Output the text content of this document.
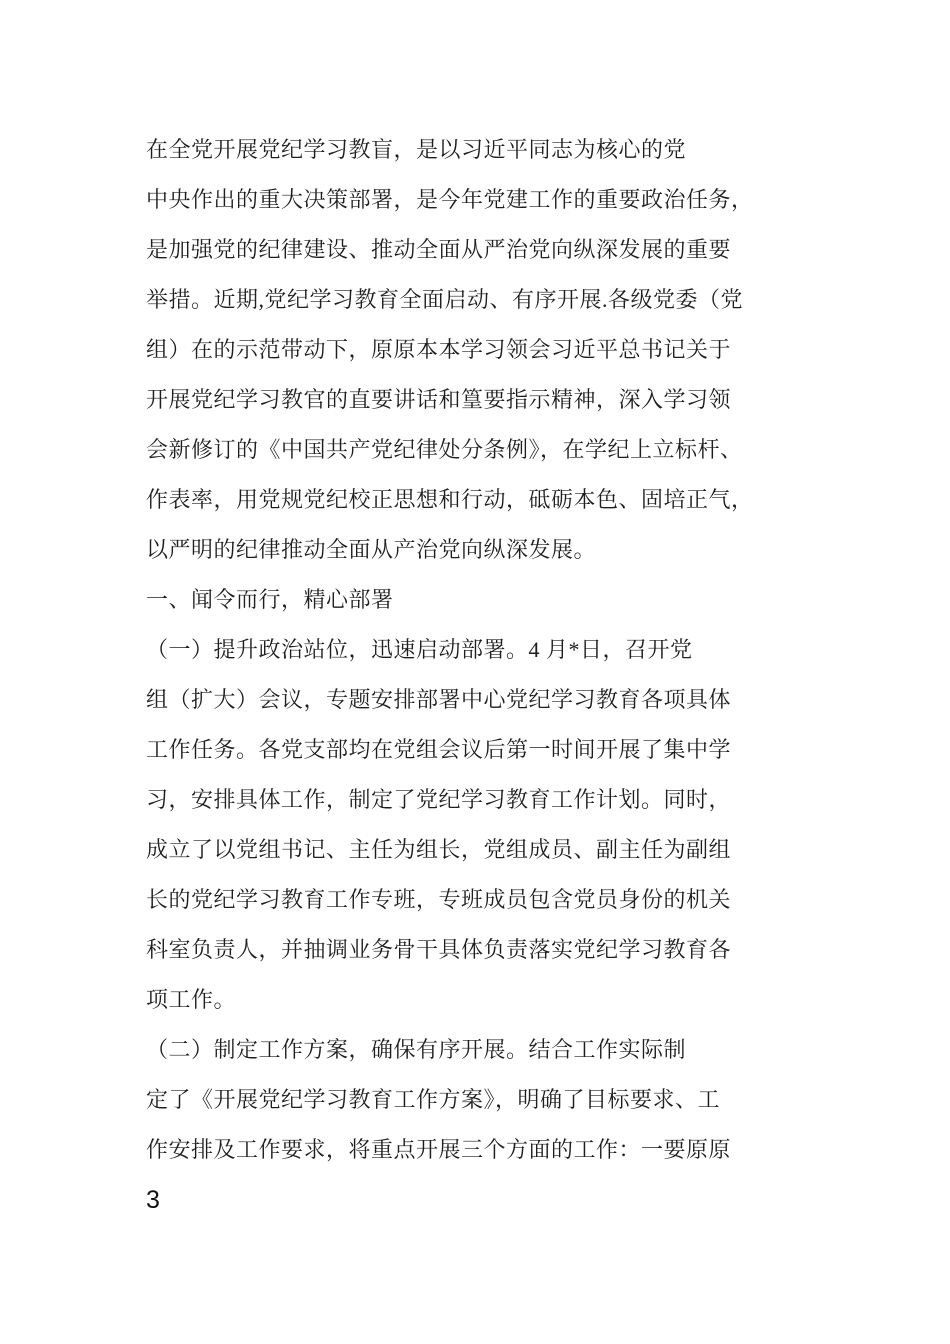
在全党开展党纪学习教盲，是以习近平同志为核心的党
中央作出的重大决策部署，是今年党建工作的重要政治任务，
是加强党的纪律建设、推动全面从严治党向纵深发展的重要
举措。近期,党纪学习教育全面启动、有序开展.各级党委（党
组）在的示范带动下，原原本本学习领会习近平总书记关于
开展党纪学习教官的直要讲话和篁要指示精神，深入学习领
会新修订的《中国共产党纪律处分条例》，在学纪上立标杆、
作表率，用党规党纪校正思想和行动，砥砺本色、固培正气，
以严明的纪律推动全面从产治党向纵深发展。
一、闻令而行，精心部署
（一）提升政治站位，迅速启动部署。4 月*日，召开党
组（扩大）会议，专题安排部署中心党纪学习教育各项具体
工作任务。各党支部均在党组会议后第一时间开展了集中学
习，安排具体工作，制定了党纪学习教育工作计划。同时，
成立了以党组书记、主任为组长，党组成员、副主任为副组
长的党纪学习教育工作专班，专班成员包含党员身份的机关
科室负责人，并抽调业务骨干具体负责落实党纪学习教育各
项工作。
（二）制定工作方案，确保有序开展。结合工作实际制
定了《开展党纪学习教育工作方案》，明确了目标要求、工
作安排及工作要求，将重点开展三个方面的工作：一要原原
3
